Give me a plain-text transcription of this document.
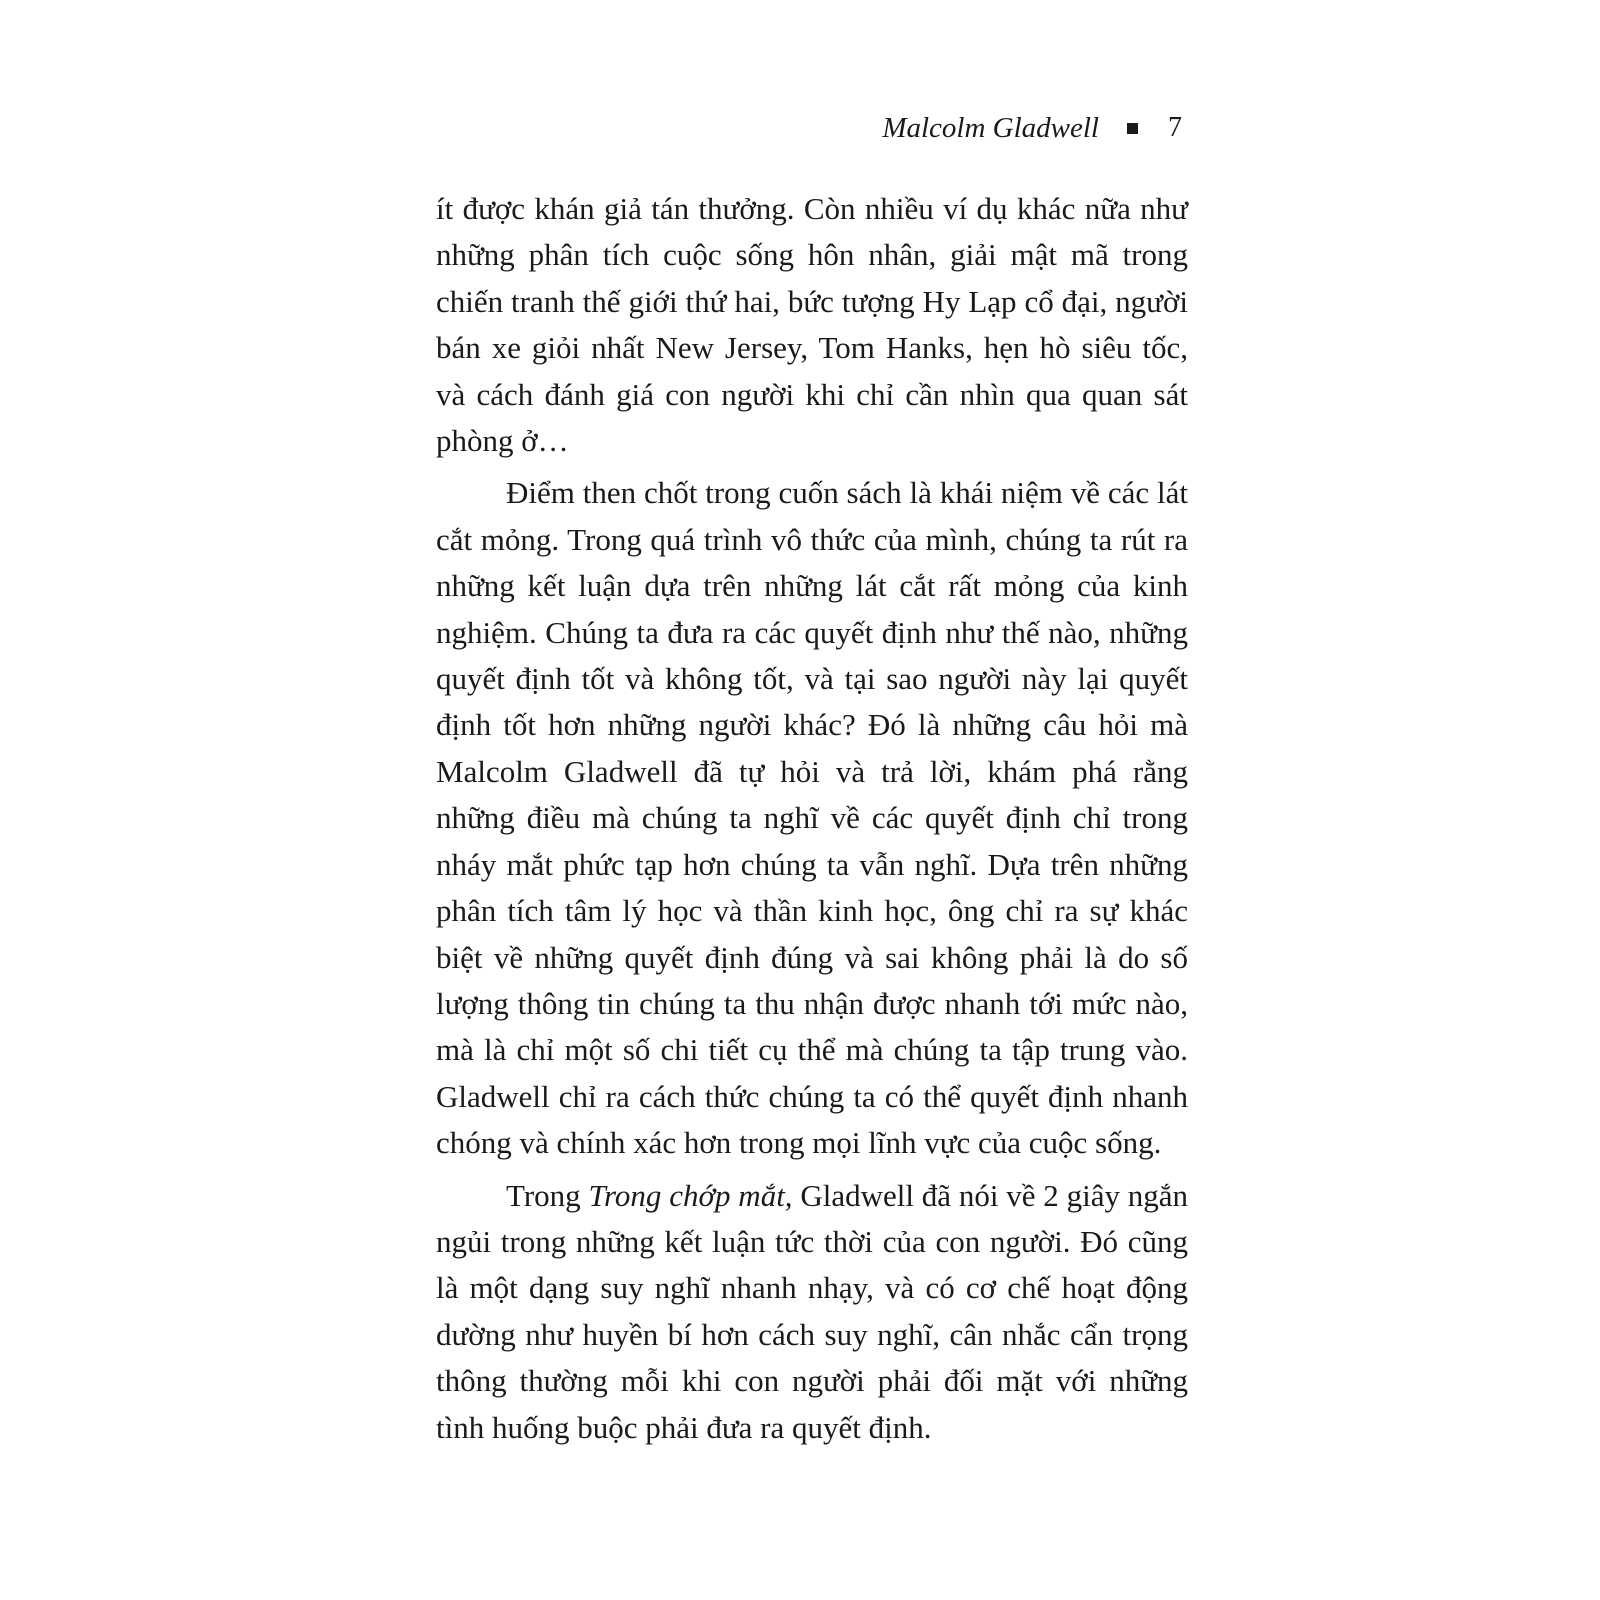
Malcolm Gladwell 7

ít được khán giả tán thưởng. Còn nhiều ví dụ khác nữa như những phân tích cuộc sống hôn nhân, giải mật mã trong chiến tranh thế giới thứ hai, bức tượng Hy Lạp cổ đại, người bán xe giỏi nhất New Jersey, Tom Hanks, hẹn hò siêu tốc, và cách đánh giá con người khi chỉ cần nhìn qua quan sát phòng ở…

Điểm then chốt trong cuốn sách là khái niệm về các lát cắt mỏng. Trong quá trình vô thức của mình, chúng ta rút ra những kết luận dựa trên những lát cắt rất mỏng của kinh nghiệm. Chúng ta đưa ra các quyết định như thế nào, những quyết định tốt và không tốt, và tại sao người này lại quyết định tốt hơn những người khác? Đó là những câu hỏi mà Malcolm Gladwell đã tự hỏi và trả lời, khám phá rằng những điều mà chúng ta nghĩ về các quyết định chỉ trong nháy mắt phức tạp hơn chúng ta vẫn nghĩ. Dựa trên những phân tích tâm lý học và thần kinh học, ông chỉ ra sự khác biệt về những quyết định đúng và sai không phải là do số lượng thông tin chúng ta thu nhận được nhanh tới mức nào, mà là chỉ một số chi tiết cụ thể mà chúng ta tập trung vào. Gladwell chỉ ra cách thức chúng ta có thể quyết định nhanh chóng và chính xác hơn trong mọi lĩnh vực của cuộc sống.

Trong Trong chớp mắt, Gladwell đã nói về 2 giây ngắn ngủi trong những kết luận tức thời của con người. Đó cũng là một dạng suy nghĩ nhanh nhạy, và có cơ chế hoạt động dường như huyền bí hơn cách suy nghĩ, cân nhắc cẩn trọng thông thường mỗi khi con người phải đối mặt với những tình huống buộc phải đưa ra quyết định.
